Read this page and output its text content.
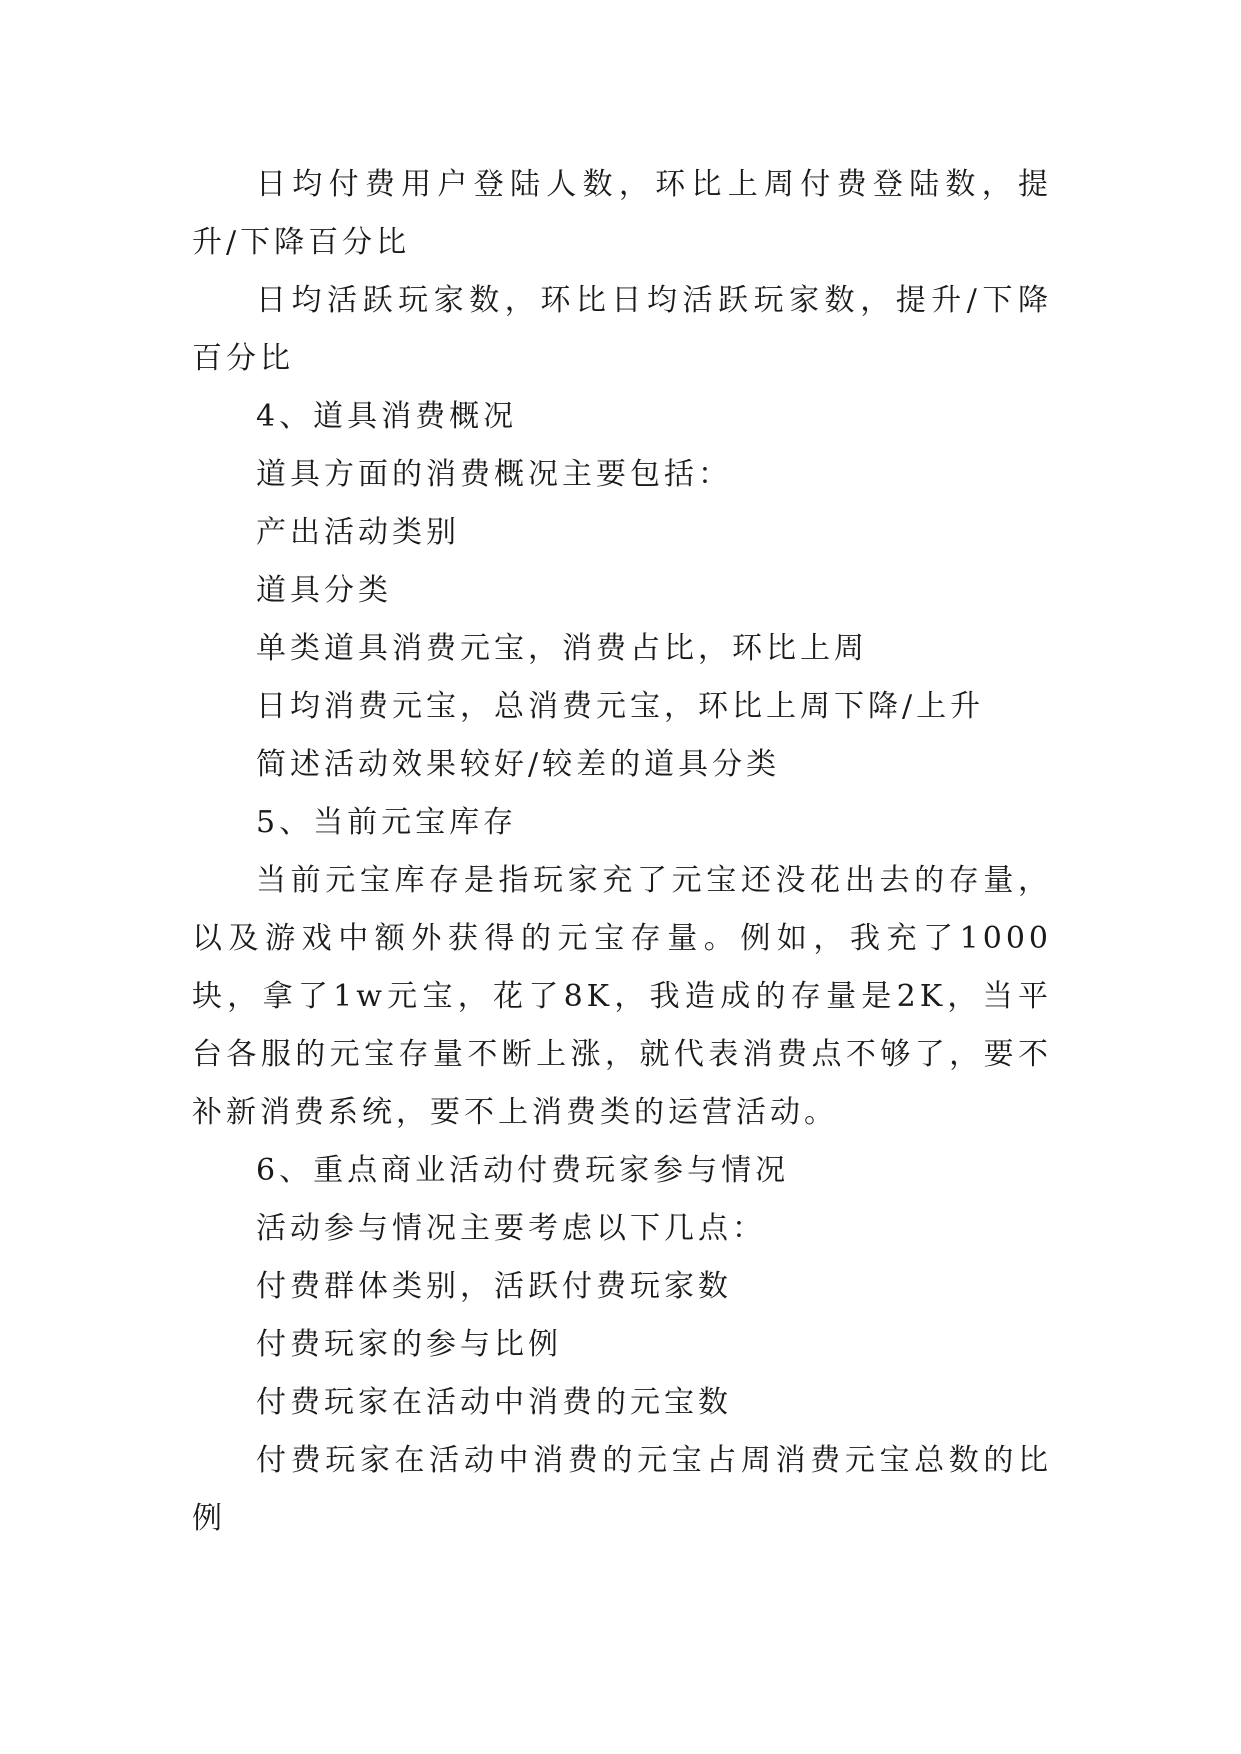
日均付费用户登陆人数，环比上周付费登陆数，提升/下降百分比

日均活跃玩家数，环比日均活跃玩家数，提升/下降百分比

4、道具消费概况

道具方面的消费概况主要包括：

产出活动类别

道具分类

单类道具消费元宝，消费占比，环比上周

日均消费元宝，总消费元宝，环比上周下降/上升

简述活动效果较好/较差的道具分类

5、当前元宝库存

当前元宝库存是指玩家充了元宝还没花出去的存量，以及游戏中额外获得的元宝存量。例如，我充了1000块，拿了1w元宝，花了8K，我造成的存量是2K，当平台各服的元宝存量不断上涨，就代表消费点不够了，要不补新消费系统，要不上消费类的运营活动。

6、重点商业活动付费玩家参与情况

活动参与情况主要考虑以下几点：

付费群体类别，活跃付费玩家数

付费玩家的参与比例

付费玩家在活动中消费的元宝数

付费玩家在活动中消费的元宝占周消费元宝总数的比例
